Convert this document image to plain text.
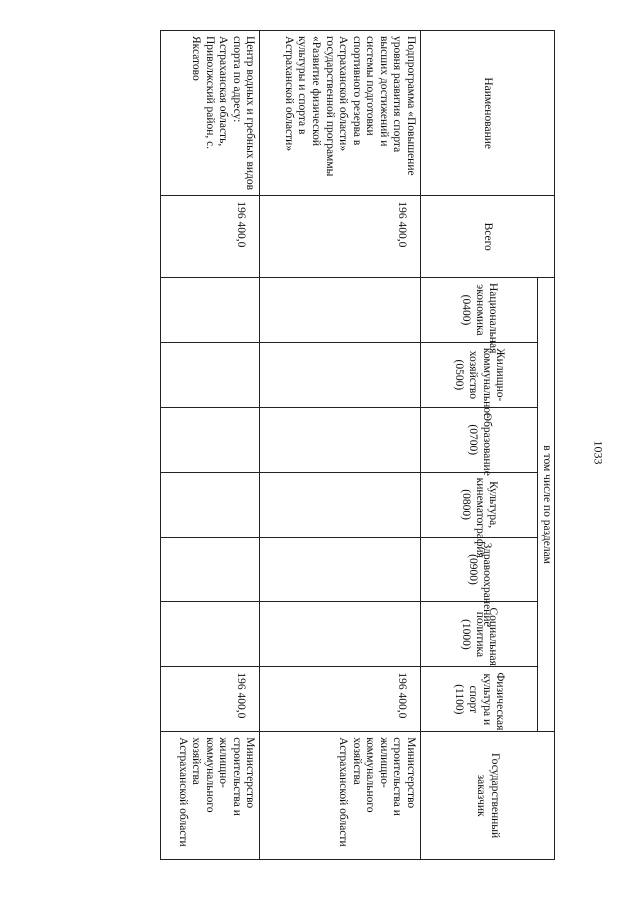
1033
Наименование	Всего	в том числе по разделам							Государственный заказчик
		Национальная экономика (0400)	Жилищно-коммунальное хозяйство (0500)	Образование (0700)	Культура, кинематография (0800)	Здравоохранение (0900)	Социальная политика (1000)	Физическая культура и спорт (1100)	
Подпрограмма «Повышение уровня развития спорта высших достижений и системы подготовки спортивного резерва в Астраханской области» государственной программы «Развитие физической культуры и спорта в Астраханской области»	196 400,0							196 400,0	Министерство строительства и жилищно-коммунального хозяйства Астраханской области
Центр водных и гребных видов спорта по адресу: Астраханская область, Приволжский район, с. Яксатово	196 400,0							196 400,0	Министерство строительства и жилищно-коммунального хозяйства Астраханской области
